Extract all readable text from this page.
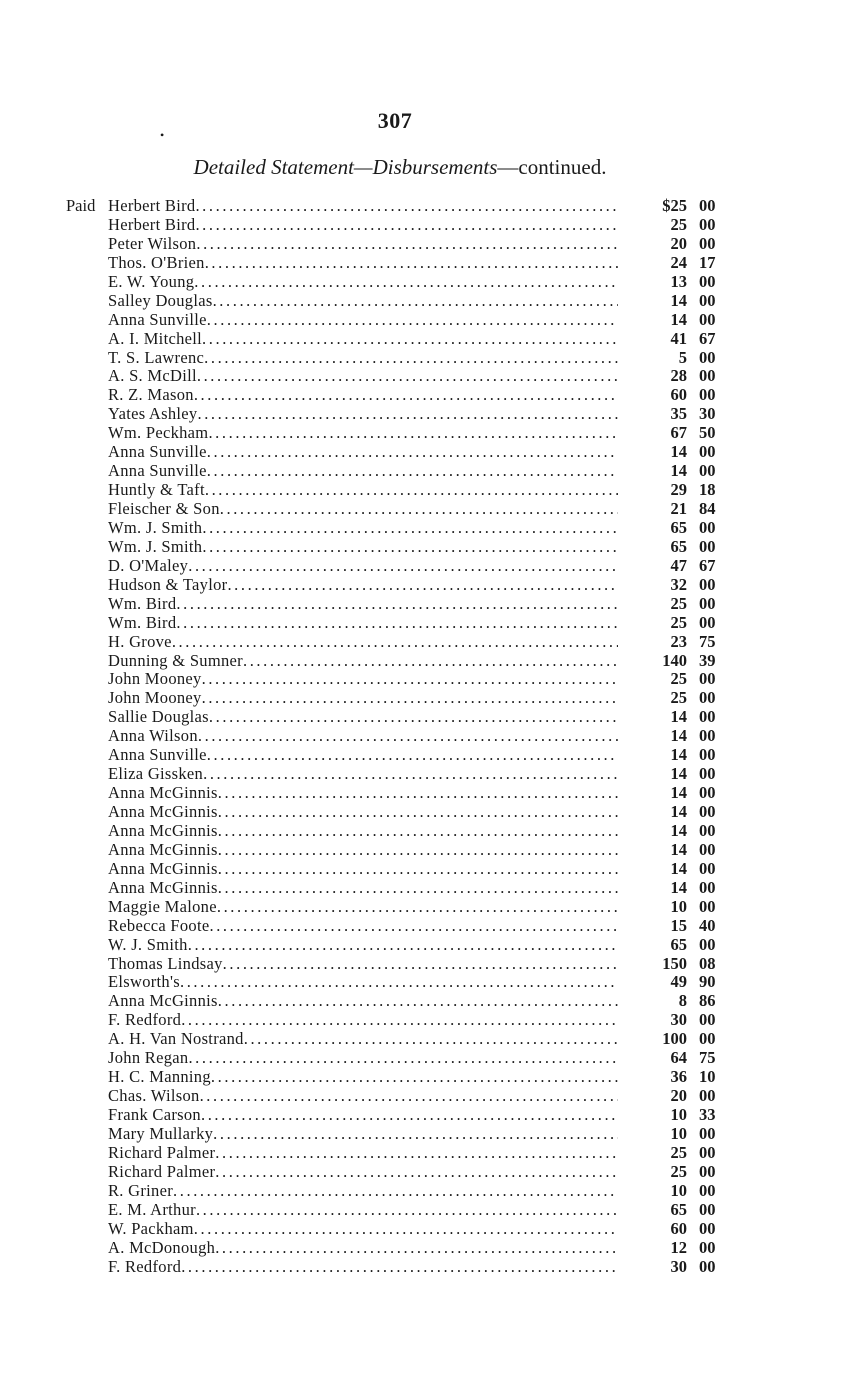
307
•
Detailed Statement—Disbursements—continued.
Paid Herbert Bird .....	$25 00
Herbert Bird .....	25 00
Peter Wilson .....	20 00
Thos. O'Brien .....	24 17
E. W. Young .....	13 00
Salley Douglas .....	14 00
Anna Sunville .....	14 00
A. I. Mitchell .....	41 67
T. S. Lawrenc .....	5 00
A. S. McDill .....	28 00
R. Z. Mason .....	60 00
Yates Ashley .....	35 30
Wm. Peckham .....	67 50
Anna Sunville .....	14 00
Anna Sunville .....	14 00
Huntly & Taft .....	29 18
Fleischer & Son .....	21 84
Wm. J. Smith .....	65 00
Wm. J. Smith .....	65 00
D. O'Maley .....	47 67
Hudson & Taylor .....	32 00
Wm. Bird .....	25 00
Wm. Bird .....	25 00
H. Grove .....	23 75
Dunning & Sumner .....	140 39
John Mooney .....	25 00
John Mooney .....	25 00
Sallie Douglas .....	14 00
Anna Wilson .....	14 00
Anna Sunville .....	14 00
Eliza Gissken .....	14 00
Anna McGinnis .....	14 00
Anna McGinnis .....	14 00
Anna McGinnis .....	14 00
Anna McGinnis .....	14 00
Anna McGinnis .....	14 00
Anna McGinnis .....	14 00
Maggie Malone .....	10 00
Rebecca Foote .....	15 40
W. J. Smith .....	65 00
Thomas Lindsay .....	150 08
Elsworth's .....	49 90
Anna McGinnis .....	8 86
F. Redford .....	30 00
A. H. Van Nostrand .....	100 00
John Regan .....	64 75
H. C. Manning .....	36 10
Chas. Wilson .....	20 00
Frank Carson .....	10 33
Mary Mullarky .....	10 00
Richard Palmer .....	25 00
Richard Palmer .....	25 00
R. Griner .....	10 00
E. M. Arthur .....	65 00
W. Packham .....	60 00
A. McDonough .....	12 00
F. Redford .....	30 00
